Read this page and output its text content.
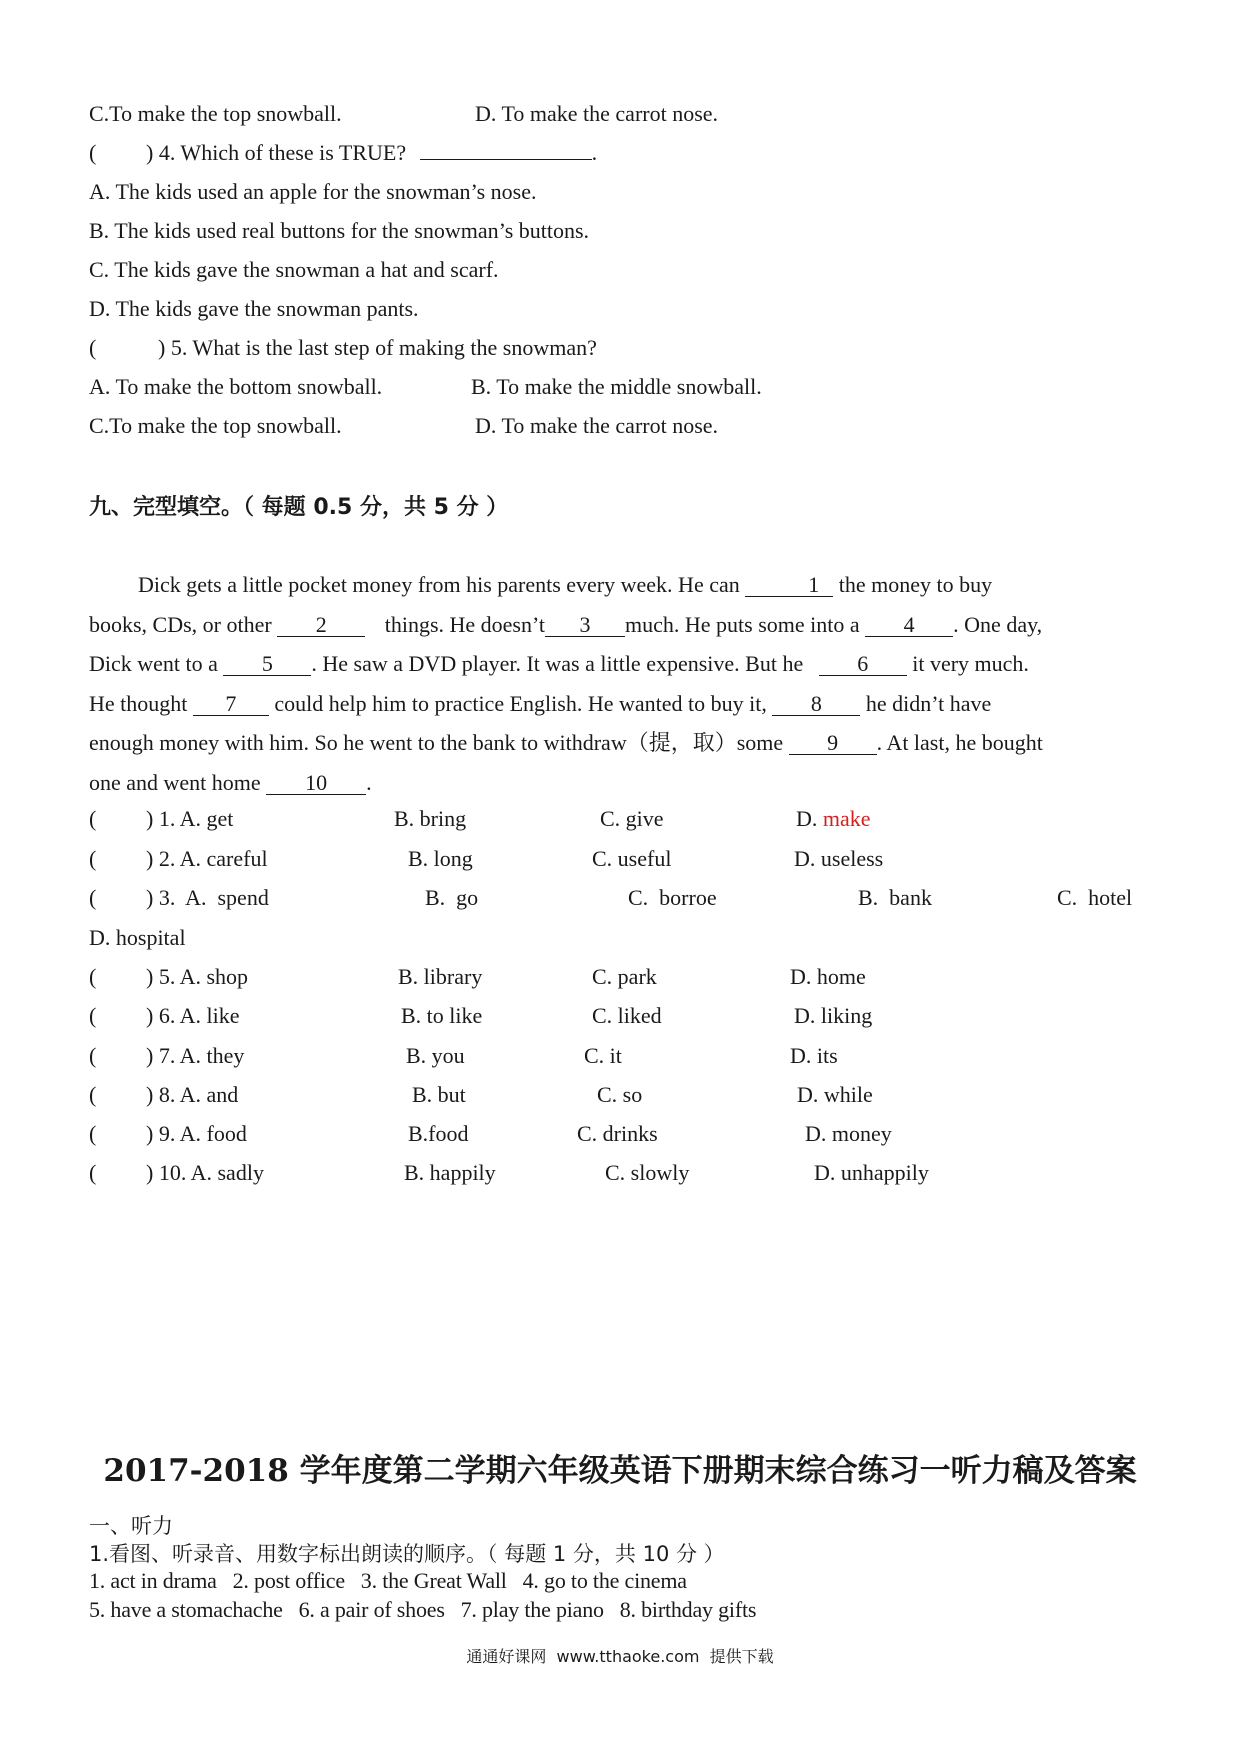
C.To make the top snowball.	D. To make the carrot nose.
( ) 4. Which of these is TRUE?	.
A. The kids used an apple for the snowman’s nose.
B. The kids used real buttons for the snowman’s buttons.
C. The kids gave the snowman a hat and scarf.
D. The kids gave the snowman pants.
(	) 5. What is the last step of making the snowman?
A. To make the bottom snowball.	B. To make the middle snowball.
C.To make the top snowball.	D. To make the carrot nose.
九、完型填空。（ 每题 0.5 分，共 5 分 ）
Dick gets a little pocket money from his parents every week. He can	1 the money to buy
books, CDs, or other 2 things. He doesn’t 3 much. He puts some into a 4 . One day,
Dick went to a 5 . He saw a DVD player. It was a little expensive. But he 6 it very much.
He thought 7 could help him to practice English. He wanted to buy it, 8 he didn’t have
enough money with him. So he went to the bank to withdraw（提，取）some 9 . At last, he bought
one and went home 10 .
( ) 1. A. get	B. bring	C. give	D. make
( ) 2. A. careful	B. long	C. useful	D. useless
( ) 3.  A.  spend	B.  go	C.  borroe	B.  bank	C.  hotel
D. hospital
( ) 5. A. shop	B. library	C. park	D. home
( ) 6. A. like	B. to like	C. liked	D. liking
( ) 7. A. they	B. you	C. it	D. its
( ) 8. A. and	B. but	C. so	D. while
( ) 9. A. food	B.food	C. drinks	D. money
( ) 10. A. sadly	B. happily	C. slowly	D. unhappily
2017-2018 学年度第二学期六年级英语下册期末综合练习一听力稿及答案
一、听力
1.看图、听录音、用数字标出朗读的顺序。（ 每题 1 分，共 10 分 ）
1. act in drama   2. post office   3. the Great Wall   4. go to the cinema
5. have a stomachache   6. a pair of shoes   7. play the piano   8. birthday gifts
通通好课网  www.tthaoke.com  提供下载
